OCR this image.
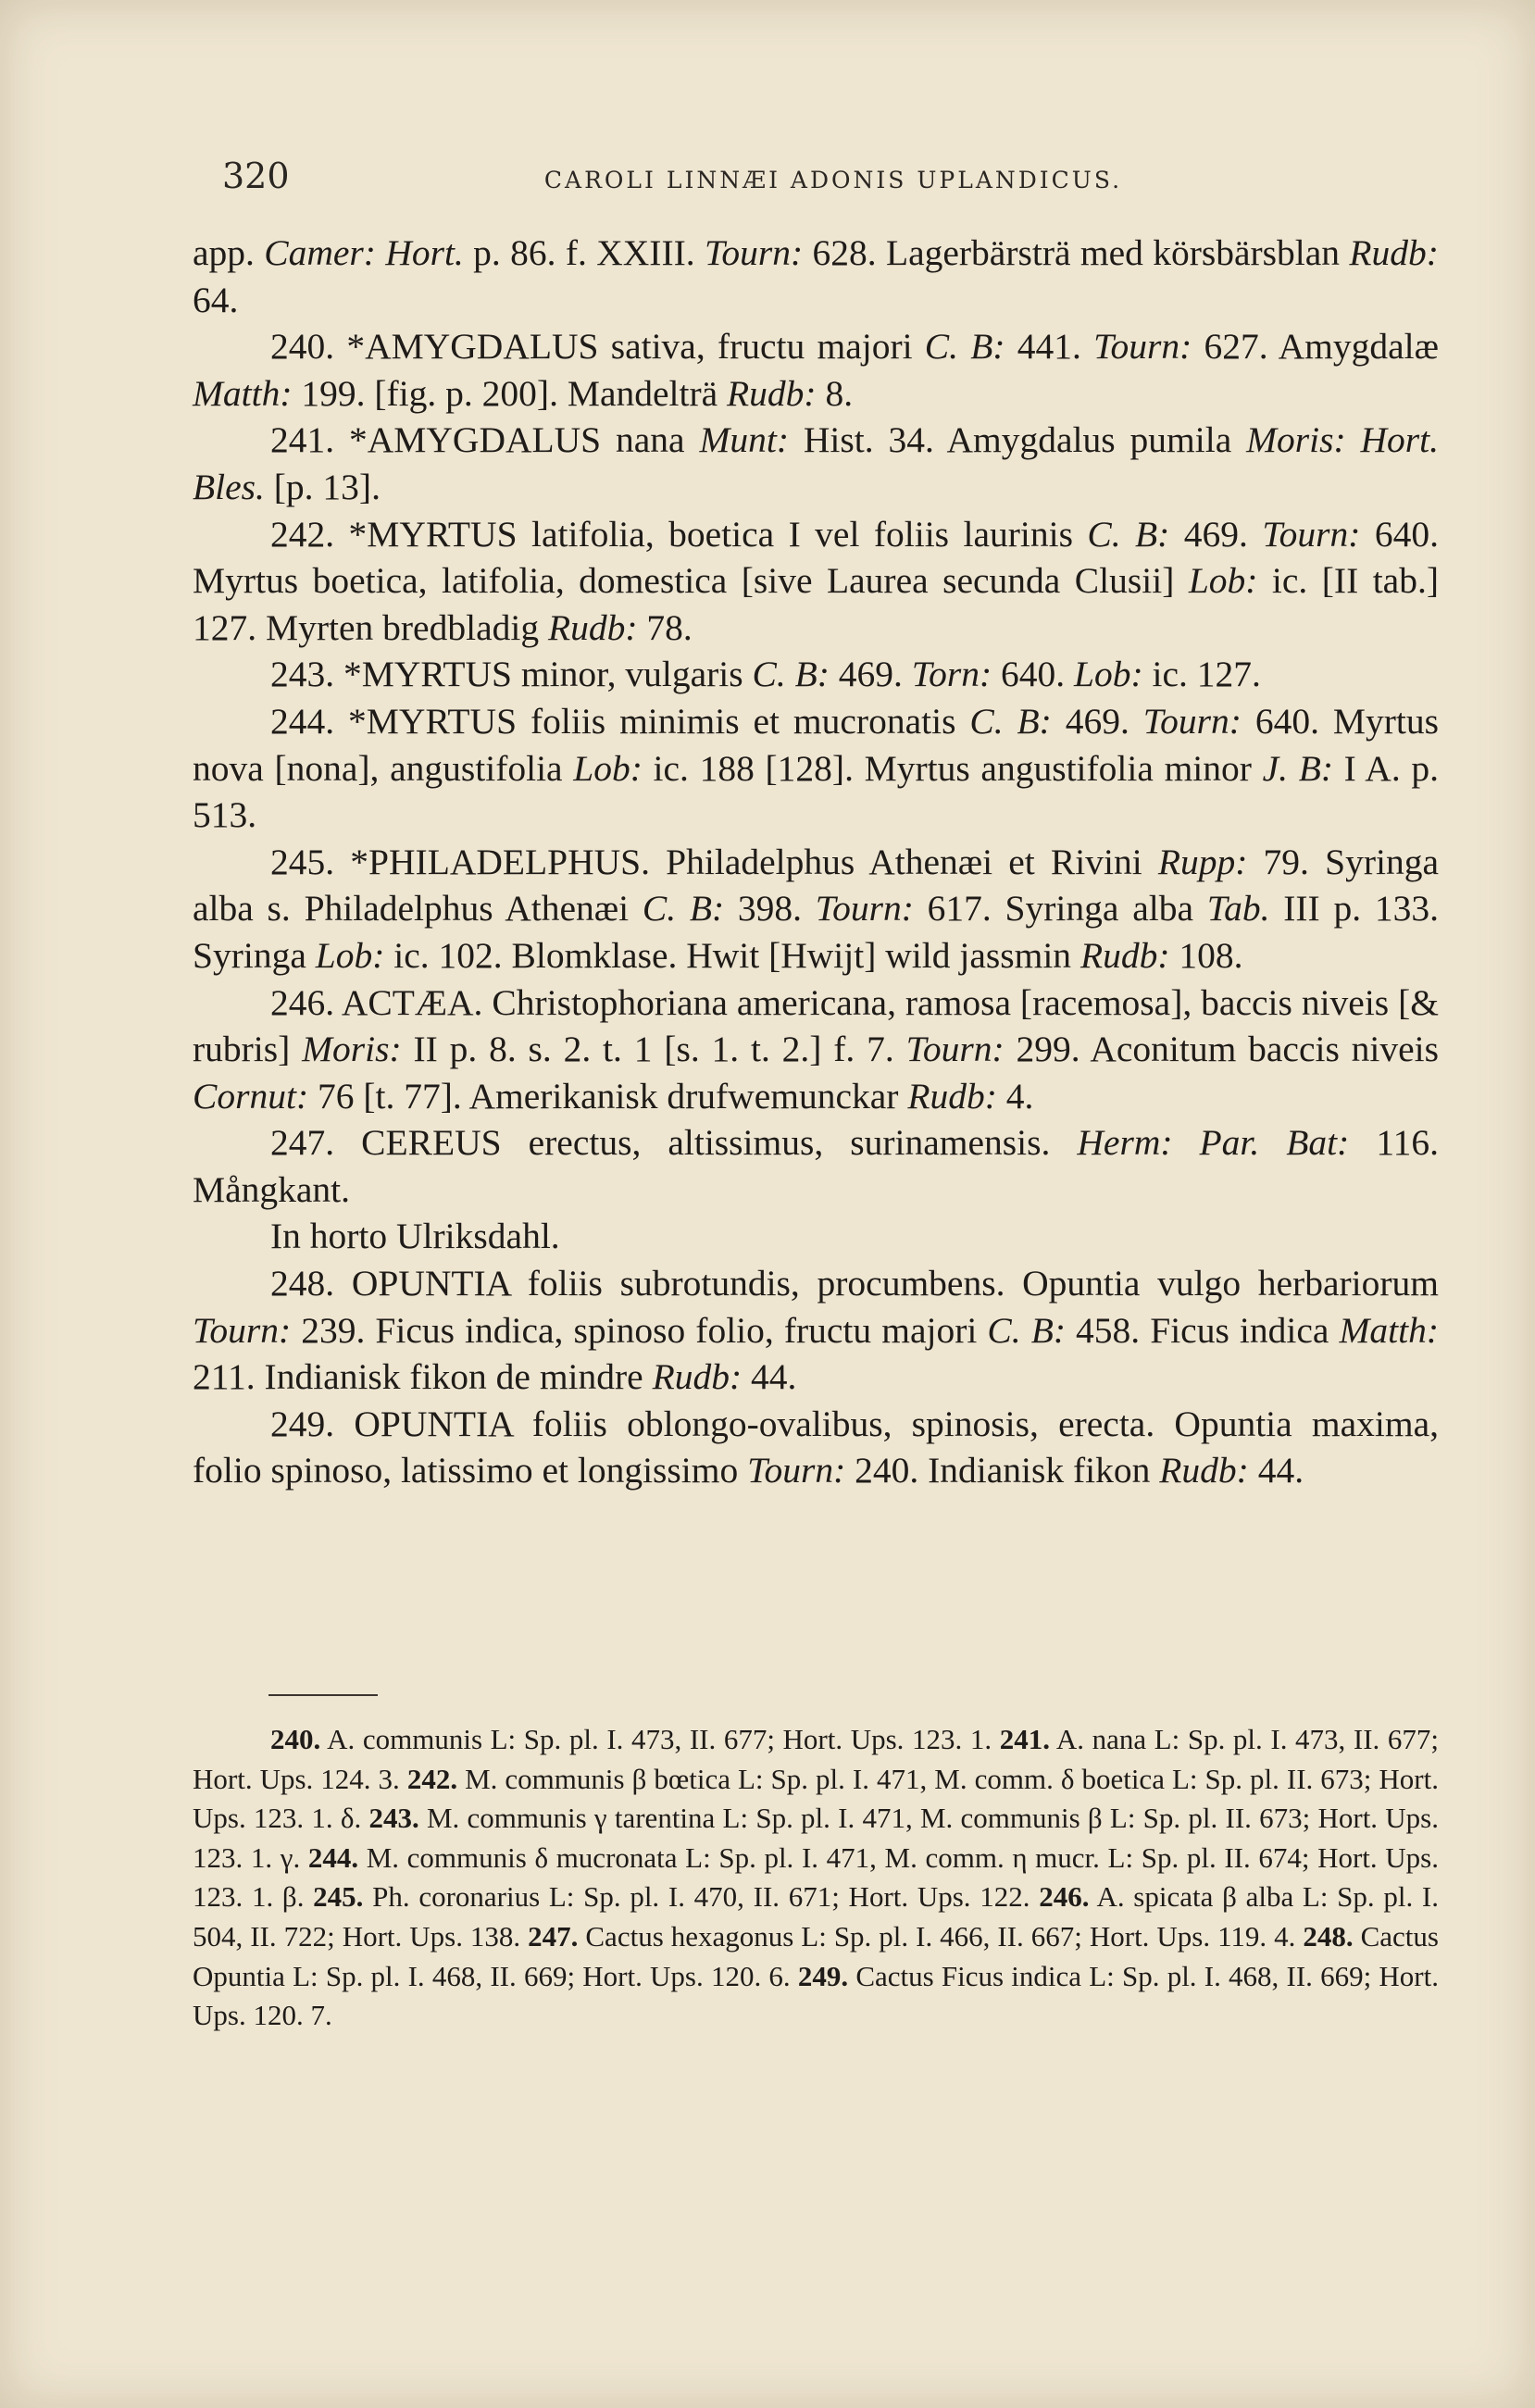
320	CAROLI LINNÆI ADONIS UPLANDICUS.

app. Camer: Hort. p. 86. f. XXIII. Tourn: 628. Lagerbärsträ med körsbärsblan Rudb: 64.

240. *AMYGDALUS sativa, fructu majori C. B: 441. Tourn: 627. Amygdalæ Matth: 199. [fig. p. 200]. Mandelträ Rudb: 8.

241. *AMYGDALUS nana Munt: Hist. 34. Amygdalus pumila Moris: Hort. Bles. [p. 13].

242. *MYRTUS latifolia, boetica I vel foliis laurinis C. B: 469. Tourn: 640. Myrtus boetica, latifolia, domestica [sive Laurea secunda Clusii] Lob: ic. [II tab.] 127. Myrten bredbladig Rudb: 78.

243. *MYRTUS minor, vulgaris C. B: 469. Torn: 640. Lob: ic. 127.

244. *MYRTUS foliis minimis et mucronatis C. B: 469. Tourn: 640. Myrtus nova [nona], angustifolia Lob: ic. 188 [128]. Myrtus angustifolia minor J. B: I A. p. 513.

245. *PHILADELPHUS. Philadelphus Athenæi et Rivini Rupp: 79. Syringa alba s. Philadelphus Athenæi C. B: 398. Tourn: 617. Syringa alba Tab. III p. 133. Syringa Lob: ic. 102. Blomklase. Hwit [Hwijt] wild jassmin Rudb: 108.

246. ACTÆA. Christophoriana americana, ramosa [racemosa], baccis niveis [& rubris] Moris: II p. 8. s. 2. t. 1 [s. 1. t. 2.] f. 7. Tourn: 299. Aconitum baccis niveis Cornut: 76 [t. 77]. Amerikanisk drufwemunckar Rudb: 4.

247. CEREUS erectus, altissimus, surinamensis. Herm: Par. Bat: 116. Mångkant.

In horto Ulriksdahl.

248. OPUNTIA foliis subrotundis, procumbens. Opuntia vulgo herbariorum Tourn: 239. Ficus indica, spinoso folio, fructu majori C. B: 458. Ficus indica Matth: 211. Indianisk fikon de mindre Rudb: 44.

249. OPUNTIA foliis oblongo-ovalibus, spinosis, erecta. Opuntia maxima, folio spinoso, latissimo et longissimo Tourn: 240. Indianisk fikon Rudb: 44.

240. A. communis L: Sp. pl. I. 473, II. 677; Hort. Ups. 123. 1. 241. A. nana L: Sp. pl. I. 473, II. 677; Hort. Ups. 124. 3. 242. M. communis β bœtica L: Sp. pl. I. 471, M. comm. δ boetica L: Sp. pl. II. 673; Hort. Ups. 123. 1. δ. 243. M. communis γ tarentina L: Sp. pl. I. 471, M. communis β L: Sp. pl. II. 673; Hort. Ups. 123. 1. γ. 244. M. communis δ mucronata L: Sp. pl. I. 471, M. comm. η mucr. L: Sp. pl. II. 674; Hort. Ups. 123. 1. β. 245. Ph. coronarius L: Sp. pl. I. 470, II. 671; Hort. Ups. 122. 246. A. spicata β alba L: Sp. pl. I. 504, II. 722; Hort. Ups. 138. 247. Cactus hexagonus L: Sp. pl. I. 466, II. 667; Hort. Ups. 119. 4. 248. Cactus Opuntia L: Sp. pl. I. 468, II. 669; Hort. Ups. 120. 6. 249. Cactus Ficus indica L: Sp. pl. I. 468, II. 669; Hort. Ups. 120. 7.
